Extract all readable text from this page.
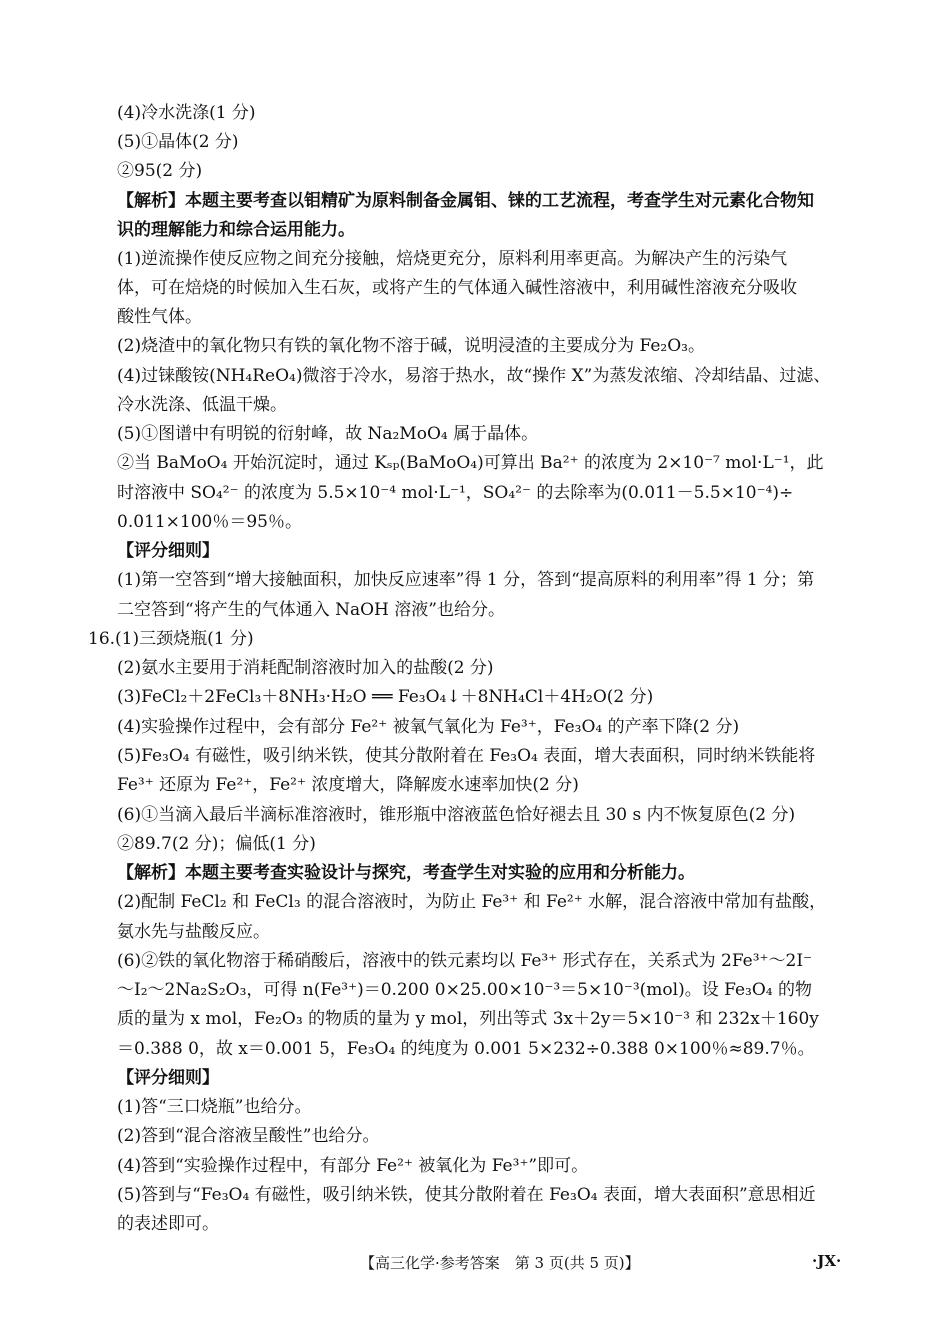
(4)冷水洗涤(1 分)
(5)①晶体(2 分)
②95(2 分)
【解析】本题主要考查以钼精矿为原料制备金属钼、铼的工艺流程，考查学生对元素化合物知
识的理解能力和综合运用能力。
(1)逆流操作使反应物之间充分接触，焙烧更充分，原料利用率更高。为解决产生的污染气
体，可在焙烧的时候加入生石灰，或将产生的气体通入碱性溶液中，利用碱性溶液充分吸收
酸性气体。
(2)烧渣中的氧化物只有铁的氧化物不溶于碱，说明浸渣的主要成分为 Fe₂O₃。
(4)过铼酸铵(NH₄ReO₄)微溶于冷水，易溶于热水，故“操作 X”为蒸发浓缩、冷却结晶、过滤、
冷水洗涤、低温干燥。
(5)①图谱中有明锐的衍射峰，故 Na₂MoO₄ 属于晶体。
②当 BaMoO₄ 开始沉淀时，通过 Kₛₚ(BaMoO₄)可算出 Ba²⁺ 的浓度为 2×10⁻⁷ mol·L⁻¹，此
时溶液中 SO₄²⁻ 的浓度为 5.5×10⁻⁴ mol·L⁻¹，SO₄²⁻ 的去除率为(0.011－5.5×10⁻⁴)÷
0.011×100％＝95％。
【评分细则】
(1)第一空答到“增大接触面积，加快反应速率”得 1 分，答到“提高原料的利用率”得 1 分；第
二空答到“将产生的气体通入 NaOH 溶液”也给分。
16.(1)三颈烧瓶(1 分)
(2)氨水主要用于消耗配制溶液时加入的盐酸(2 分)
(3)FeCl₂＋2FeCl₃＋8NH₃·H₂O ══ Fe₃O₄↓＋8NH₄Cl＋4H₂O(2 分)
(4)实验操作过程中，会有部分 Fe²⁺ 被氧气氧化为 Fe³⁺，Fe₃O₄ 的产率下降(2 分)
(5)Fe₃O₄ 有磁性，吸引纳米铁，使其分散附着在 Fe₃O₄ 表面，增大表面积，同时纳米铁能将
Fe³⁺ 还原为 Fe²⁺，Fe²⁺ 浓度增大，降解废水速率加快(2 分)
(6)①当滴入最后半滴标准溶液时，锥形瓶中溶液蓝色恰好褪去且 30 s 内不恢复原色(2 分)
②89.7(2 分)；偏低(1 分)
【解析】本题主要考查实验设计与探究，考查学生对实验的应用和分析能力。
(2)配制 FeCl₂ 和 FeCl₃ 的混合溶液时，为防止 Fe³⁺ 和 Fe²⁺ 水解，混合溶液中常加有盐酸，
氨水先与盐酸反应。
(6)②铁的氧化物溶于稀硝酸后，溶液中的铁元素均以 Fe³⁺ 形式存在，关系式为 2Fe³⁺～2I⁻
～I₂～2Na₂S₂O₃，可得 n(Fe³⁺)＝0.200 0×25.00×10⁻³＝5×10⁻³(mol)。设 Fe₃O₄ 的物
质的量为 x mol，Fe₂O₃ 的物质的量为 y mol，列出等式 3x＋2y＝5×10⁻³ 和 232x＋160y
＝0.388 0，故 x＝0.001 5，Fe₃O₄ 的纯度为 0.001 5×232÷0.388 0×100％≈89.7％。
【评分细则】
(1)答“三口烧瓶”也给分。
(2)答到“混合溶液呈酸性”也给分。
(4)答到“实验操作过程中，有部分 Fe²⁺ 被氧化为 Fe³⁺”即可。
(5)答到与“Fe₃O₄ 有磁性，吸引纳米铁，使其分散附着在 Fe₃O₄ 表面，增大表面积”意思相近
的表述即可。
【高三化学·参考答案　第 3 页(共 5 页)】	·JX·
